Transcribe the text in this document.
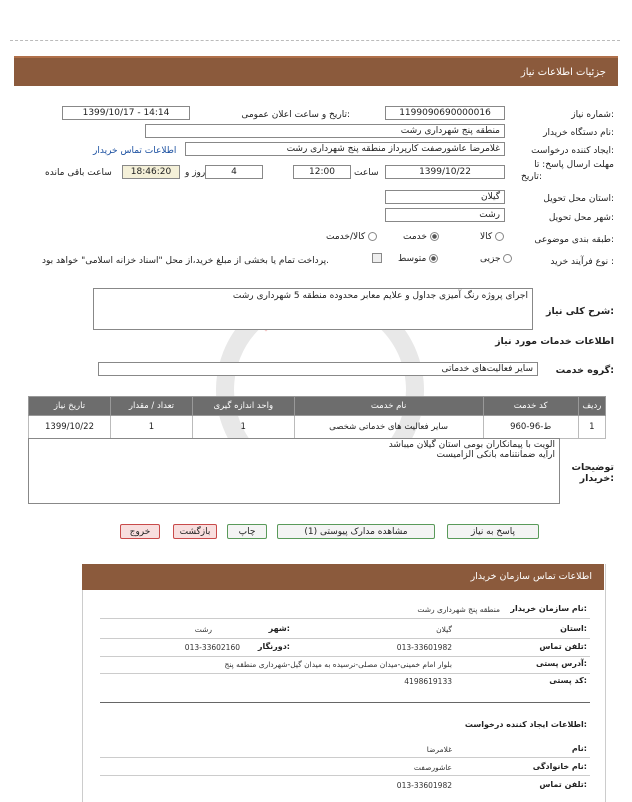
جزئیات اطلاعات نیاز
شماره نیاز:
1199090690000016
تاریخ و ساعت اعلان عمومی:
1399/10/17 - 14:14
نام دستگاه خریدار:
منطقه پنج شهرداری رشت
ایجاد کننده درخواست:
غلامرضا عاشورصفت کارپرداز منطقه پنج شهرداری رشت
اطلاعات تماس خریدار
مهلت ارسال پاسخ: تا
تاریخ:
1399/10/22
ساعت
12:00
4
روز و
18:46:20
ساعت باقی مانده
استان محل تحویل:
گیلان
شهر محل تحویل:
رشت
طبقه بندی موضوعی:
کالا
خدمت
کالا/خدمت
نوع فرآیند خرید :
جزیی
متوسط
پرداخت تمام یا بخشی از مبلغ خرید،از محل "اسناد خزانه اسلامی" خواهد بود.
شرح کلی نیاز:
اجرای پروژه رنگ آمیزی جداول و علایم معابر محدوده منطقه 5 شهرداری رشت
اطلاعات خدمات مورد نیاز
گروه خدمت:
سایر فعالیت‌های خدماتی
ردیف	کد خدمت	نام خدمت	واحد اندازه گیری	تعداد / مقدار	تاریخ نیاز
1	ط-96-960	سایر فعالیت های خدماتی شخصی	1	1	1399/10/22
توضیحات خریدار:
الویت با پیمانکاران بومی استان گیلان میباشد
ارایه ضمانتنامه بانکی الزامیست
پاسخ به نیاز
مشاهده مدارک پیوستی (1)
چاپ
بازگشت
خروج
اطلاعات تماس سازمان خریدار
نام سازمان خریدار:
منطقه پنج شهرداری رشت
استان:
گیلان
شهر:
رشت
تلفن تماس:
013-33601982
دورنگار:
013-33602160
آدرس پستی:
بلوار امام خمینی-میدان مصلی-نرسیده به میدان گیل-شهرداری منطقه پنج
کد پستی:
4198619133
اطلاعات ایجاد کننده درخواست:
نام:
غلامرضا
نام خانوادگی:
عاشورصفت
تلفن تماس:
013-33601982
